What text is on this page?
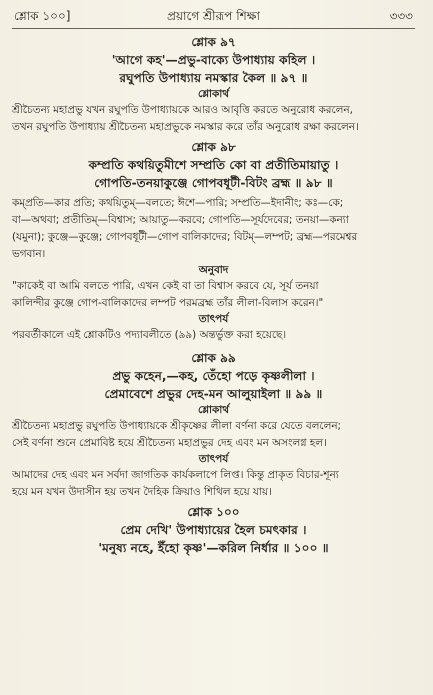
শ্লোক ১০০]	প্রয়াগে শ্রীরূপ শিক্ষা	৩৩৩

শ্লোক ৯৭

'আগে কহ'—প্রভু-বাক্যে উপাধ্যায় কহিল ।

রঘুপতি উপাধ্যায় নমস্কার কৈল ॥ ৯৭ ॥

শ্লোকার্থ

শ্রীচৈতন্য মহাপ্রভু যখন রঘুপতি উপাধ্যায়কে আরও আবৃত্তি করতে অনুরোধ করলেন,

তখন রঘুপতি উপাধ্যায় শ্রীচৈতন্য মহাপ্রভুকে নমস্কার করে তাঁর অনুরোধ রক্ষা করলেন।

শ্লোক ৯৮

কম্প্রতি কথয়িতুমীশে সম্প্রতি কো বা প্রতীতিমায়াতু ।

গোপতি-তনয়াকুঞ্জে গোপবধূটী-বিটং ব্রহ্ম ॥ ৯৮ ॥

কম্‌প্রতি—কার প্রতি; কথয়িতুম্—বলতে; ঈশে—পারি; সম্প্রতি—ইদানীং; কঃ—কে;

বা—অথবা; প্রতীতিম্—বিশ্বাস; আয়াতু—করবে; গোপতি—সূর্যদেবের; তনয়া—কন্যা

(যমুনা); কুঞ্জে—কুঞ্জে; গোপবধূটী—গোপ বালিকাদের; বিটম্—লম্পট; ব্রহ্ম—পরমেশ্বর

ভগবান।

অনুবাদ

"কাকেই বা আমি বলতে পারি, এখন কেই বা তা বিশ্বাস করবে যে, সূর্য তনয়া

কালিন্দীর কুঞ্জে গোপ-বালিকাদের লম্পট পরমব্রহ্ম তাঁর লীলা-বিলাস করেন।"

তাৎপর্য

পরবর্তীকালে এই শ্লোকটিও পদ্যাবলীতে (৯৯) অন্তর্ভুক্ত করা হয়েছে।

শ্লোক ৯৯

প্রভু কহেন,—কহ, তেঁহো পড়ে কৃষ্ণলীলা ।

প্রেমাবেশে প্রভুর দেহ-মন আলুয়াইলা ॥ ৯৯ ॥

শ্লোকার্থ

শ্রীচৈতন্য মহাপ্রভু রঘুপতি উপাধ্যায়কে শ্রীকৃষ্ণের লীলা বর্ণনা করে যেতে বললেন;

সেই বর্ণনা শুনে প্রেমাবিষ্ট হয়ে শ্রীচৈতন্য মহাপ্রভুর দেহ এবং মন অসংলগ্ন হল।

তাৎপর্য

আমাদের দেহ এবং মন সর্বদা জাগতিক কার্যকলাপে লিপ্ত। কিন্তু প্রাকৃত বিচার-শূন্য

হয়ে মন যখন উদাসীন হয় তখন দৈহিক ক্রিয়াও শিথিল হয়ে যায়।

শ্লোক ১০০

প্রেম দেখি' উপাধ্যায়ের হৈল চমৎকার ।

'মনুষ্য নহে, ইঁহো কৃষ্ণ'—করিল নির্ধার ॥ ১০০ ॥
